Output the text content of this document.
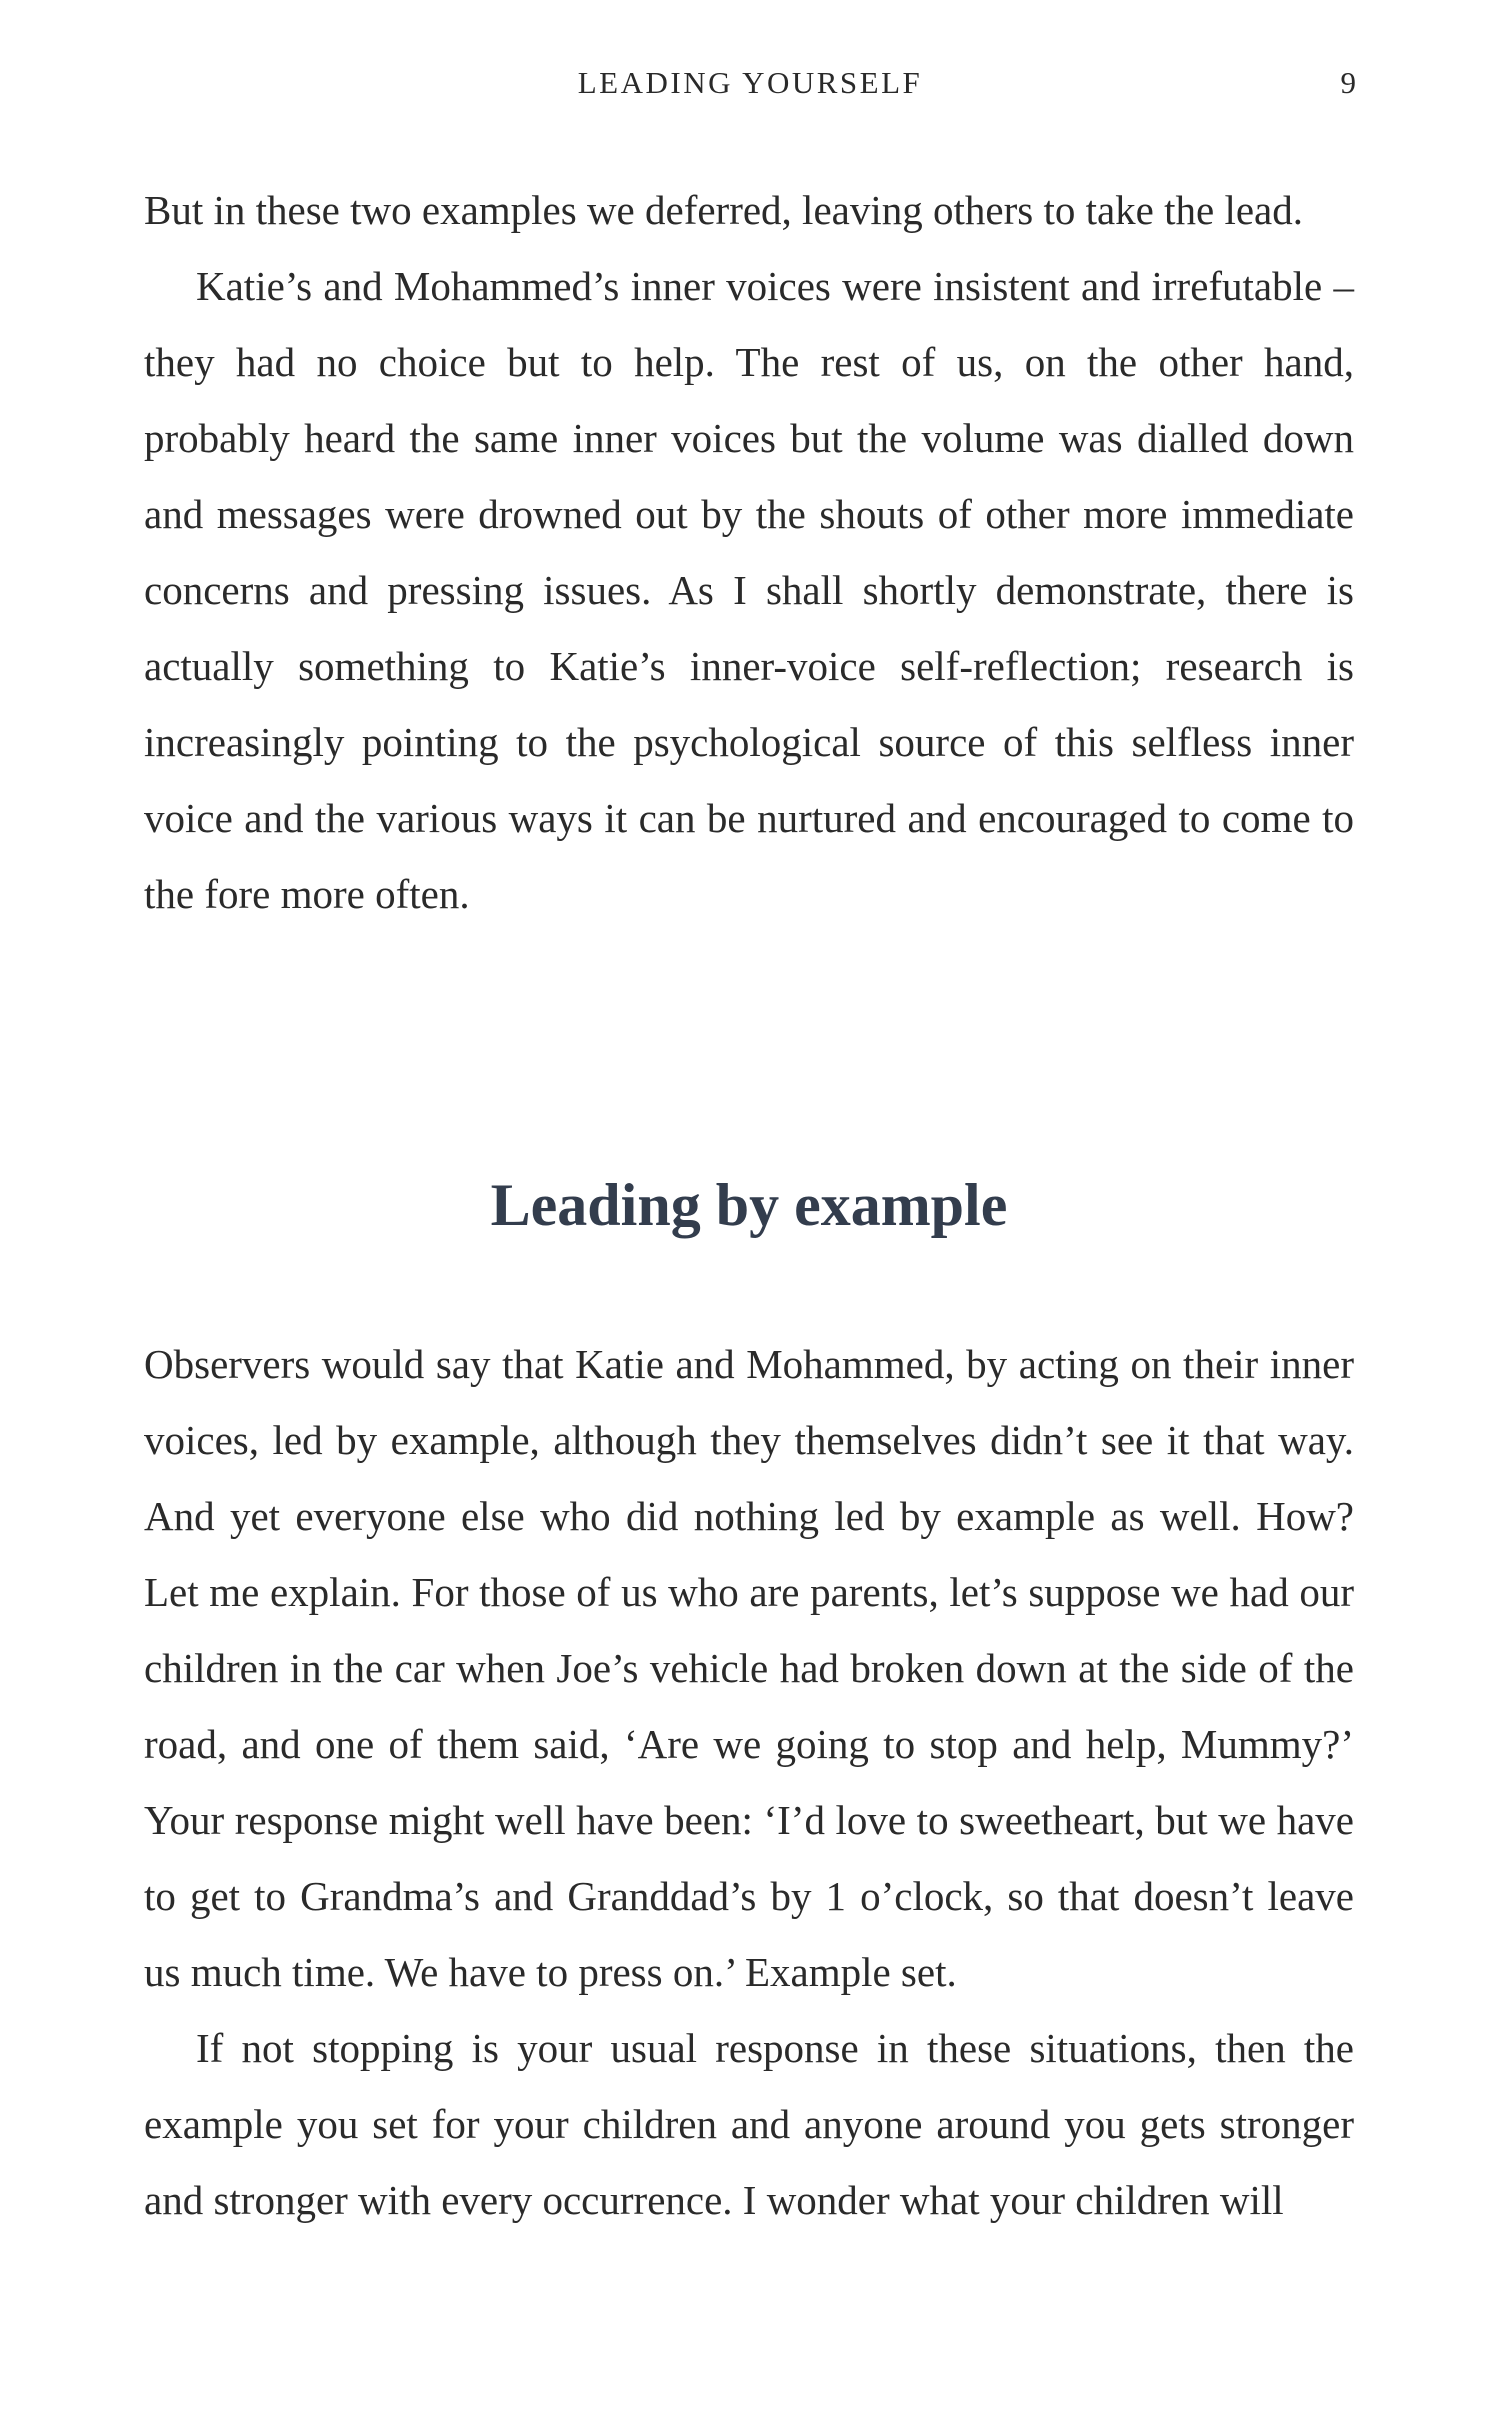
LEADING YOURSELF	9

But in these two examples we deferred, leaving others to take the lead.

Katie’s and Mohammed’s inner voices were insistent and irrefutable – they had no choice but to help. The rest of us, on the other hand, probably heard the same inner voices but the volume was dialled down and messages were drowned out by the shouts of other more immediate concerns and pressing issues. As I shall shortly demonstrate, there is actually something to Katie’s inner-voice self-reflection; research is increasingly pointing to the psychological source of this selfless inner voice and the various ways it can be nurtured and encouraged to come to the fore more often.

Leading by example

Observers would say that Katie and Mohammed, by acting on their inner voices, led by example, although they themselves didn’t see it that way. And yet everyone else who did nothing led by example as well. How? Let me explain. For those of us who are parents, let’s suppose we had our children in the car when Joe’s vehicle had broken down at the side of the road, and one of them said, ‘Are we going to stop and help, Mummy?’ Your response might well have been: ‘I’d love to sweetheart, but we have to get to Grandma’s and Granddad’s by 1 o’clock, so that doesn’t leave us much time. We have to press on.’ Example set.

If not stopping is your usual response in these situations, then the example you set for your children and anyone around you gets stronger and stronger with every occurrence. I wonder what your children will
